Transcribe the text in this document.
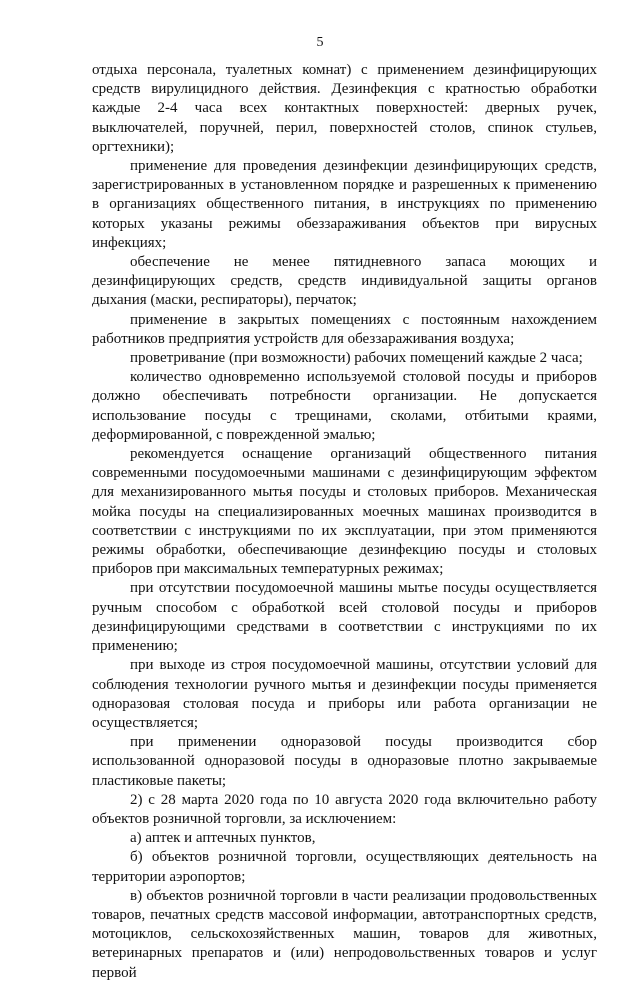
5

отдыха персонала, туалетных комнат) с применением дезинфицирующих средств вирулицидного действия. Дезинфекция с кратностью обработки каждые 2-4 часа всех контактных поверхностей: дверных ручек, выключателей, поручней, перил, поверхностей столов, спинок стульев, оргтехники);

применение для проведения дезинфекции дезинфицирующих средств, зарегистрированных в установленном порядке и разрешенных к применению в организациях общественного питания, в инструкциях по применению которых указаны режимы обеззараживания объектов при вирусных инфекциях;

обеспечение не менее пятидневного запаса моющих и дезинфицирующих средств, средств индивидуальной защиты органов дыхания (маски, респираторы), перчаток;

применение в закрытых помещениях с постоянным нахождением работников предприятия устройств для обеззараживания воздуха;

проветривание (при возможности) рабочих помещений каждые 2 часа;

количество одновременно используемой столовой посуды и приборов должно обеспечивать потребности организации. Не допускается использование посуды с трещинами, сколами, отбитыми краями, деформированной, с поврежденной эмалью;

рекомендуется оснащение организаций общественного питания современными посудомоечными машинами с дезинфицирующим эффектом для механизированного мытья посуды и столовых приборов. Механическая мойка посуды на специализированных моечных машинах производится в соответствии с инструкциями по их эксплуатации, при этом применяются режимы обработки, обеспечивающие дезинфекцию посуды и столовых приборов при максимальных температурных режимах;

при отсутствии посудомоечной машины мытье посуды осуществляется ручным способом с обработкой всей столовой посуды и приборов дезинфицирующими средствами в соответствии с инструкциями по их применению;

при выходе из строя посудомоечной машины, отсутствии условий для соблюдения технологии ручного мытья и дезинфекции посуды применяется одноразовая столовая посуда и приборы или работа организации не осуществляется;

при применении одноразовой посуды производится сбор использованной одноразовой посуды в одноразовые плотно закрываемые пластиковые пакеты;

2) с 28 марта 2020 года по 10 августа 2020 года включительно работу объектов розничной торговли, за исключением:

а) аптек и аптечных пунктов,

б) объектов розничной торговли, осуществляющих деятельность на территории аэропортов;

в) объектов розничной торговли в части реализации продовольственных товаров, печатных средств массовой информации, автотранспортных средств, мотоциклов, сельскохозяйственных машин, товаров для животных, ветеринарных препаратов и (или) непродовольственных товаров и услуг первой
